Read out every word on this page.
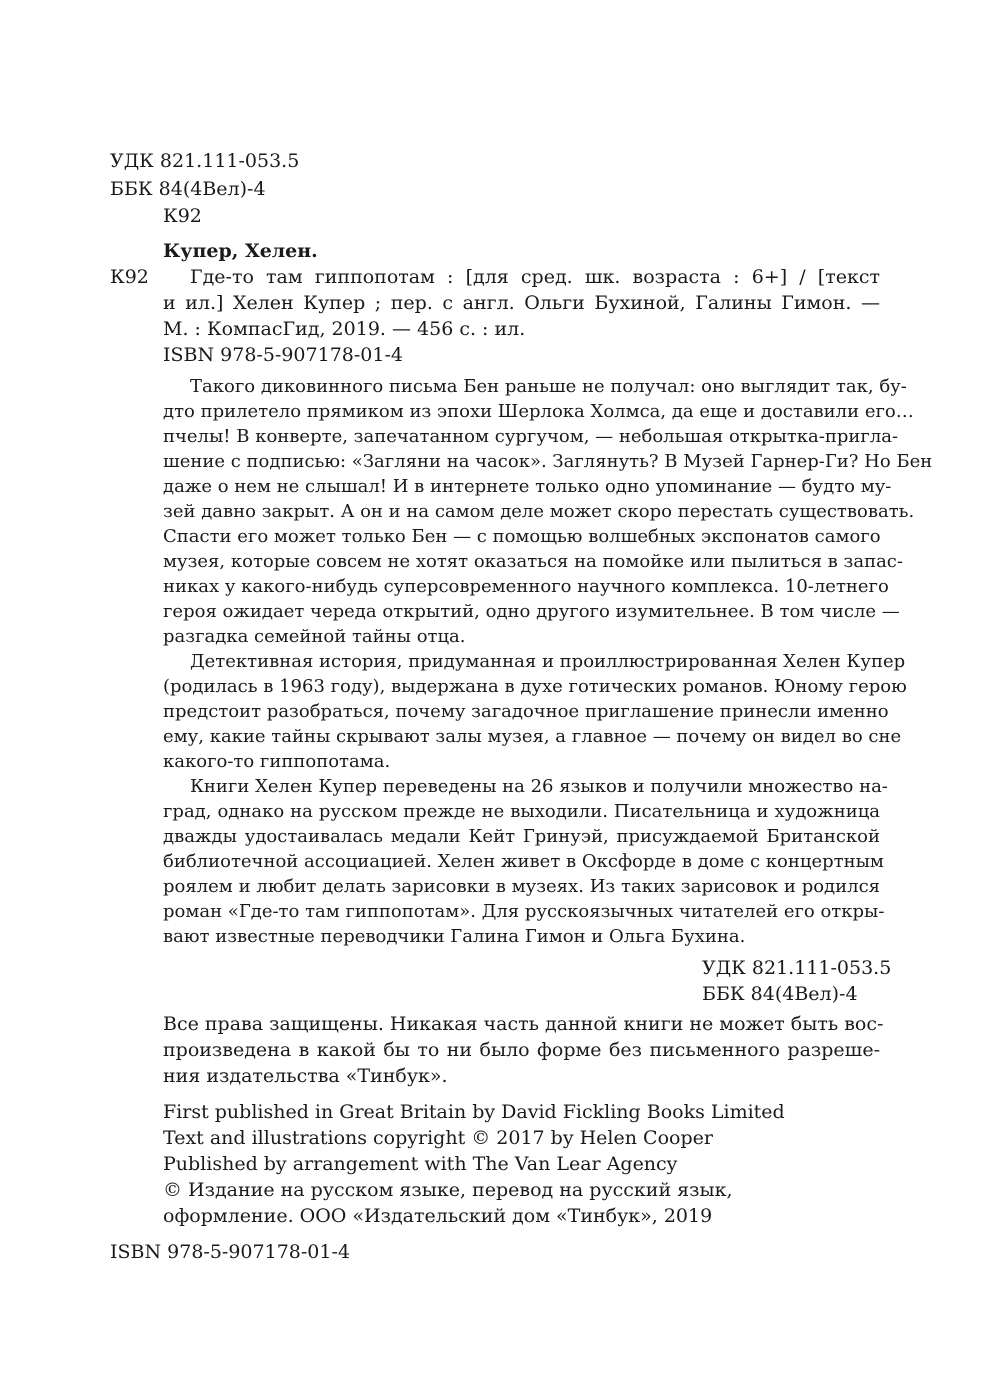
УДК 821.111-053.5
ББК 84(4Вел)-4
К92
Купер, Хелен.
К92 Где-то там гиппопотам : [для сред. шк. возраста : 6+] / [текст
и ил.] Хелен Купер ; пер. с англ. Ольги Бухиной, Галины Гимон. —
М. : КомпасГид, 2019. — 456 с. : ил.
ISBN 978-5-907178-01-4
Такого диковинного письма Бен раньше не получал: оно выглядит так, бу-
дто прилетело прямиком из эпохи Шерлока Холмса, да еще и доставили его…
пчелы! В конверте, запечатанном сургучом, — небольшая открытка-пригла-
шение с подписью: «Загляни на часок». Заглянуть? В Музей Гарнер-Ги? Но Бен
даже о нем не слышал! И в интернете только одно упоминание — будто му-
зей давно закрыт. А он и на самом деле может скоро перестать существовать.
Спасти его может только Бен — с помощью волшебных экспонатов самого
музея, которые совсем не хотят оказаться на помойке или пылиться в запас-
никах у какого-нибудь суперсовременного научного комплекса. 10-летнего
героя ожидает череда открытий, одно другого изумительнее. В том числе —
разгадка семейной тайны отца.
Детективная история, придуманная и проиллюстрированная Хелен Купер
(родилась в 1963 году), выдержана в духе готических романов. Юному герою
предстоит разобраться, почему загадочное приглашение принесли именно
ему, какие тайны скрывают залы музея, а главное — почему он видел во сне
какого-то гиппопотама.
Книги Хелен Купер переведены на 26 языков и получили множество на-
град, однако на русском прежде не выходили. Писательница и художница
дважды удостаивалась медали Кейт Гринуэй, присуждаемой Британской
библиотечной ассоциацией. Хелен живет в Оксфорде в доме с концертным
роялем и любит делать зарисовки в музеях. Из таких зарисовок и родился
роман «Где-то там гиппопотам». Для русскоязычных читателей его откры-
вают известные переводчики Галина Гимон и Ольга Бухина.
УДК 821.111-053.5
ББК 84(4Вел)-4
Все права защищены. Никакая часть данной книги не может быть вос-
произведена в какой бы то ни было форме без письменного разреше-
ния издательства «Тинбук».
First published in Great Britain by David Fickling Books Limited
Text and illustrations copyright © 2017 by Helen Cooper
Published by arrangement with The Van Lear Agency
© Издание на русском языке, перевод на русский язык,
оформление. ООО «Издательский дом «Тинбук», 2019
ISBN 978-5-907178-01-4
